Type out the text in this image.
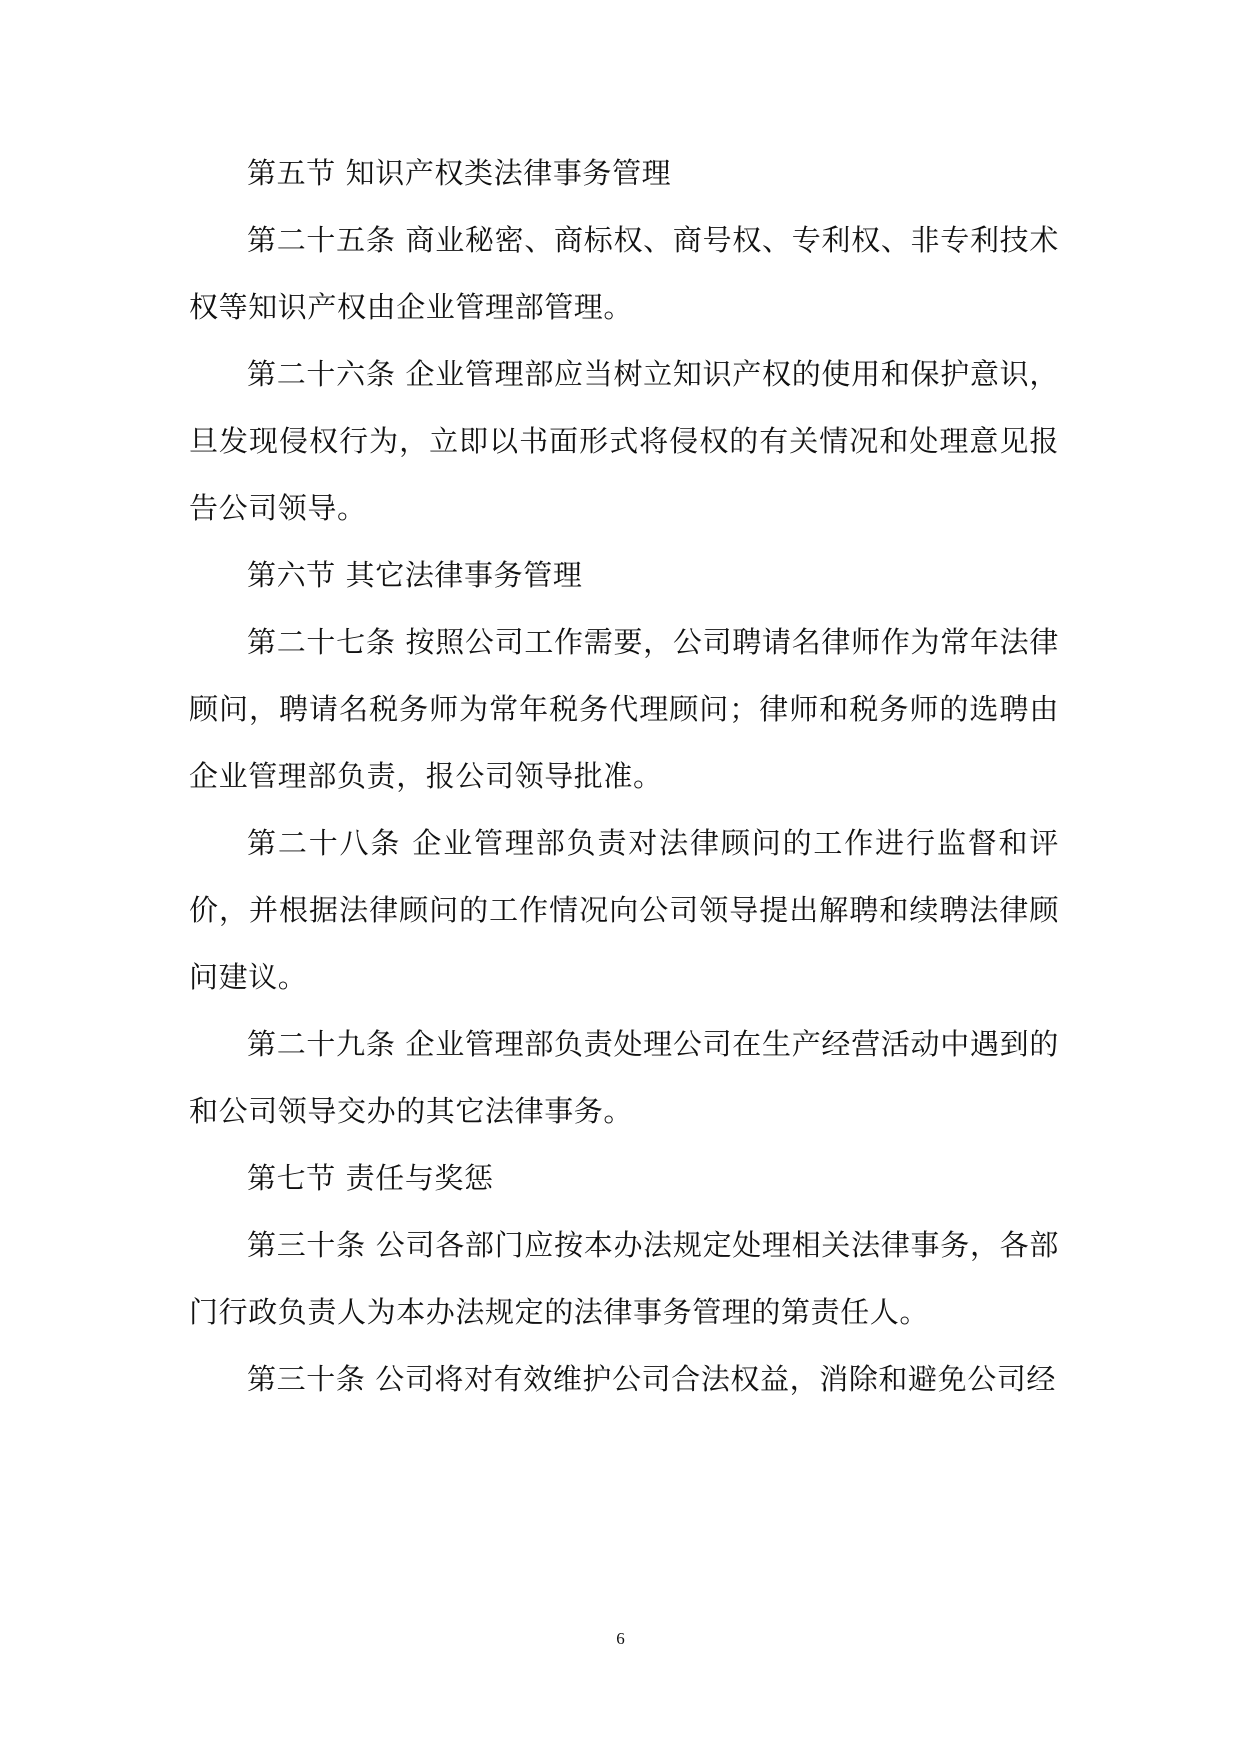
第五节 知识产权类法律事务管理

第二十五条 商业秘密、商标权、商号权、专利权、非专利技术权等知识产权由企业管理部管理。

第二十六条 企业管理部应当树立知识产权的使用和保护意识，旦发现侵权行为，立即以书面形式将侵权的有关情况和处理意见报告公司领导。

第六节 其它法律事务管理

第二十七条 按照公司工作需要，公司聘请名律师作为常年法律顾问，聘请名税务师为常年税务代理顾问；律师和税务师的选聘由企业管理部负责，报公司领导批准。

第二十八条 企业管理部负责对法律顾问的工作进行监督和评价，并根据法律顾问的工作情况向公司领导提出解聘和续聘法律顾问建议。

第二十九条 企业管理部负责处理公司在生产经营活动中遇到的和公司领导交办的其它法律事务。

第七节 责任与奖惩

第三十条 公司各部门应按本办法规定处理相关法律事务，各部门行政负责人为本办法规定的法律事务管理的第责任人。

第三十条 公司将对有效维护公司合法权益，消除和避免公司经

6
